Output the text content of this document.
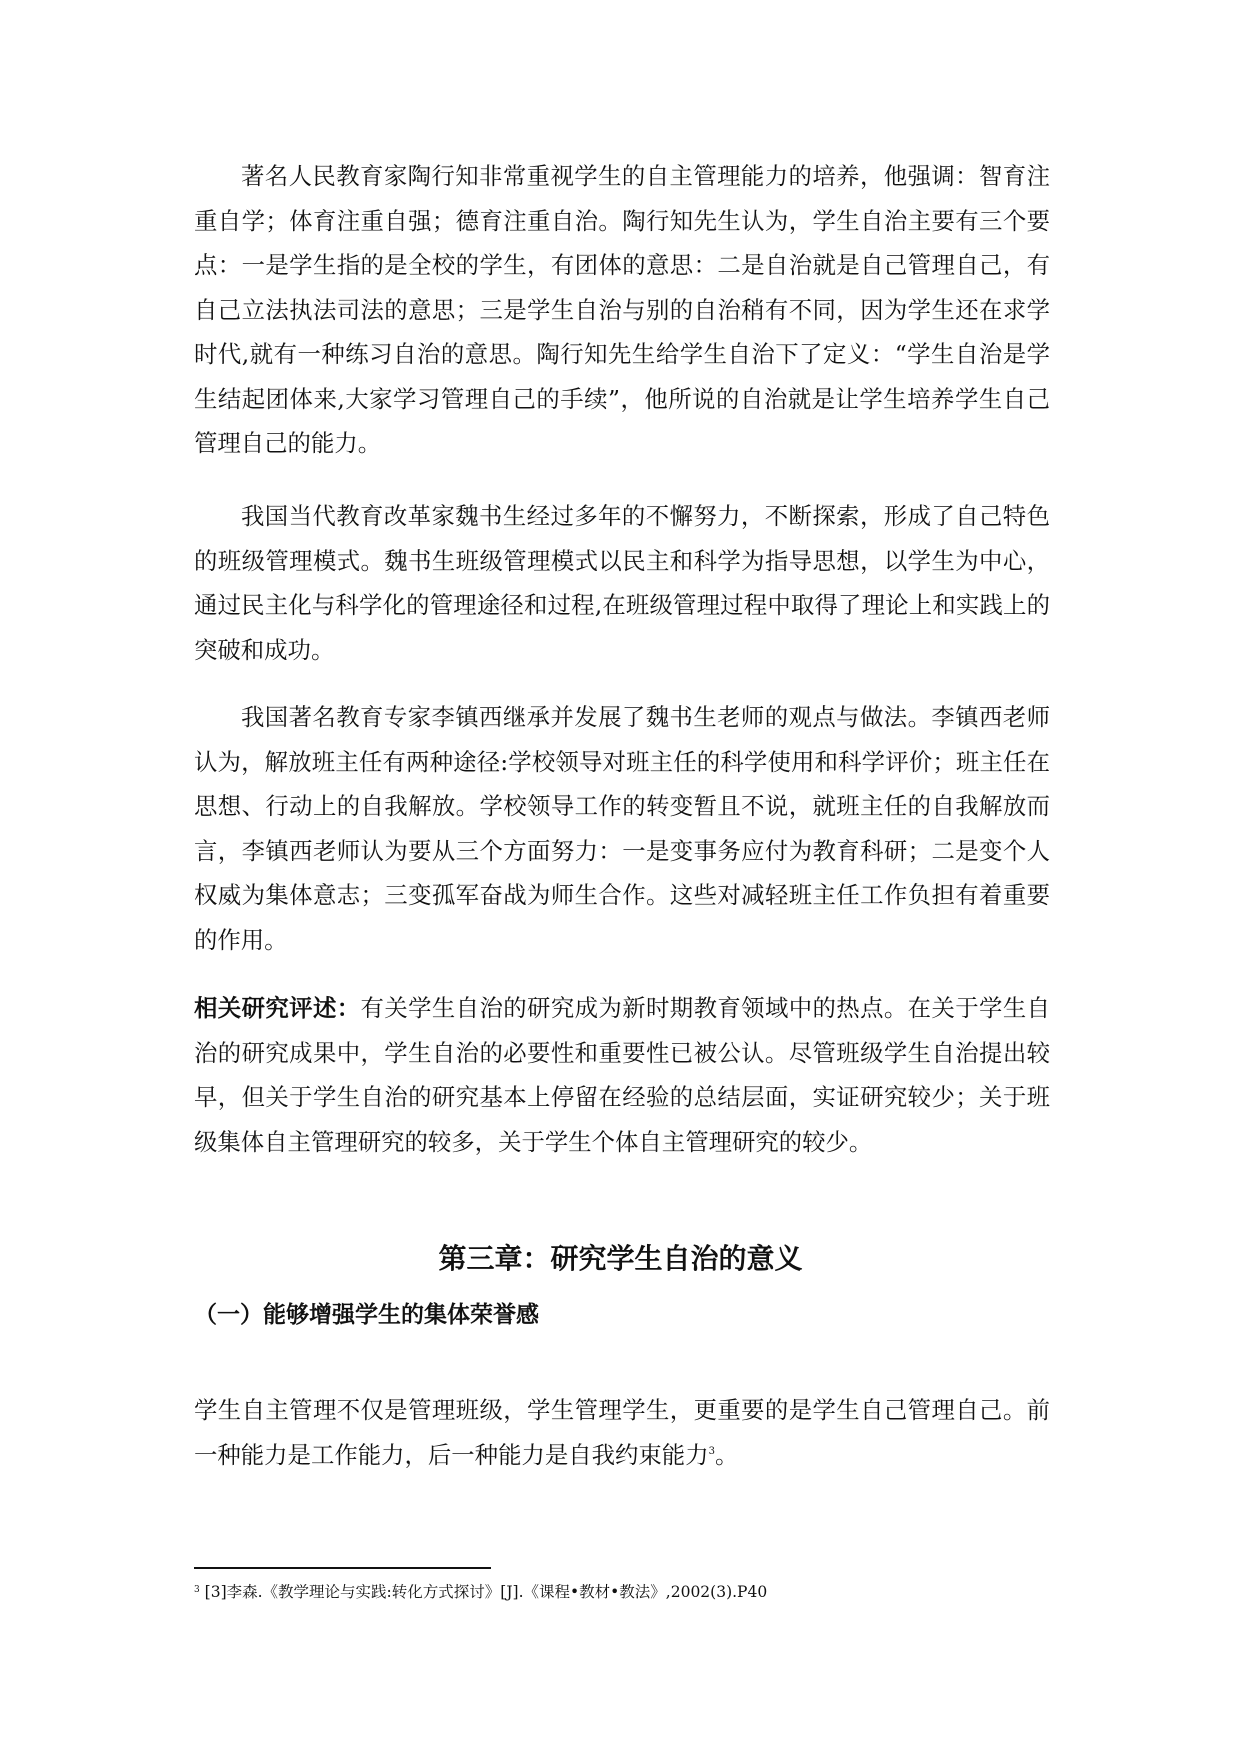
著名人民教育家陶行知非常重视学生的自主管理能力的培养，他强调：智育注重自学；体育注重自强；德育注重自治。陶行知先生认为，学生自治主要有三个要点：一是学生指的是全校的学生，有团体的意思：二是自治就是自己管理自己，有自己立法执法司法的意思；三是学生自治与别的自治稍有不同，因为学生还在求学时代,就有一种练习自治的意思。陶行知先生给学生自治下了定义：“学生自治是学生结起团体来,大家学习管理自己的手续”，他所说的自治就是让学生培养学生自己管理自己的能力。

我国当代教育改革家魏书生经过多年的不懈努力，不断探索，形成了自己特色的班级管理模式。魏书生班级管理模式以民主和科学为指导思想，以学生为中心，通过民主化与科学化的管理途径和过程,在班级管理过程中取得了理论上和实践上的突破和成功。

我国著名教育专家李镇西继承并发展了魏书生老师的观点与做法。李镇西老师认为，解放班主任有两种途径:学校领导对班主任的科学使用和科学评价；班主任在思想、行动上的自我解放。学校领导工作的转变暂且不说，就班主任的自我解放而言，李镇西老师认为要从三个方面努力：一是变事务应付为教育科研；二是变个人权威为集体意志；三变孤军奋战为师生合作。这些对减轻班主任工作负担有着重要的作用。

相关研究评述：有关学生自治的研究成为新时期教育领域中的热点。在关于学生自治的研究成果中，学生自治的必要性和重要性已被公认。尽管班级学生自治提出较早，但关于学生自治的研究基本上停留在经验的总结层面，实证研究较少；关于班级集体自主管理研究的较多，关于学生个体自主管理研究的较少。

第三章：研究学生自治的意义
（一）能够增强学生的集体荣誉感

学生自主管理不仅是管理班级，学生管理学生，更重要的是学生自己管理自己。前一种能力是工作能力，后一种能力是自我约束能力$^3$。

$^3$ [3]李森.《教学理论与实践:转化方式探讨》[J].《课程•教材•教法》,2002(3).P40
